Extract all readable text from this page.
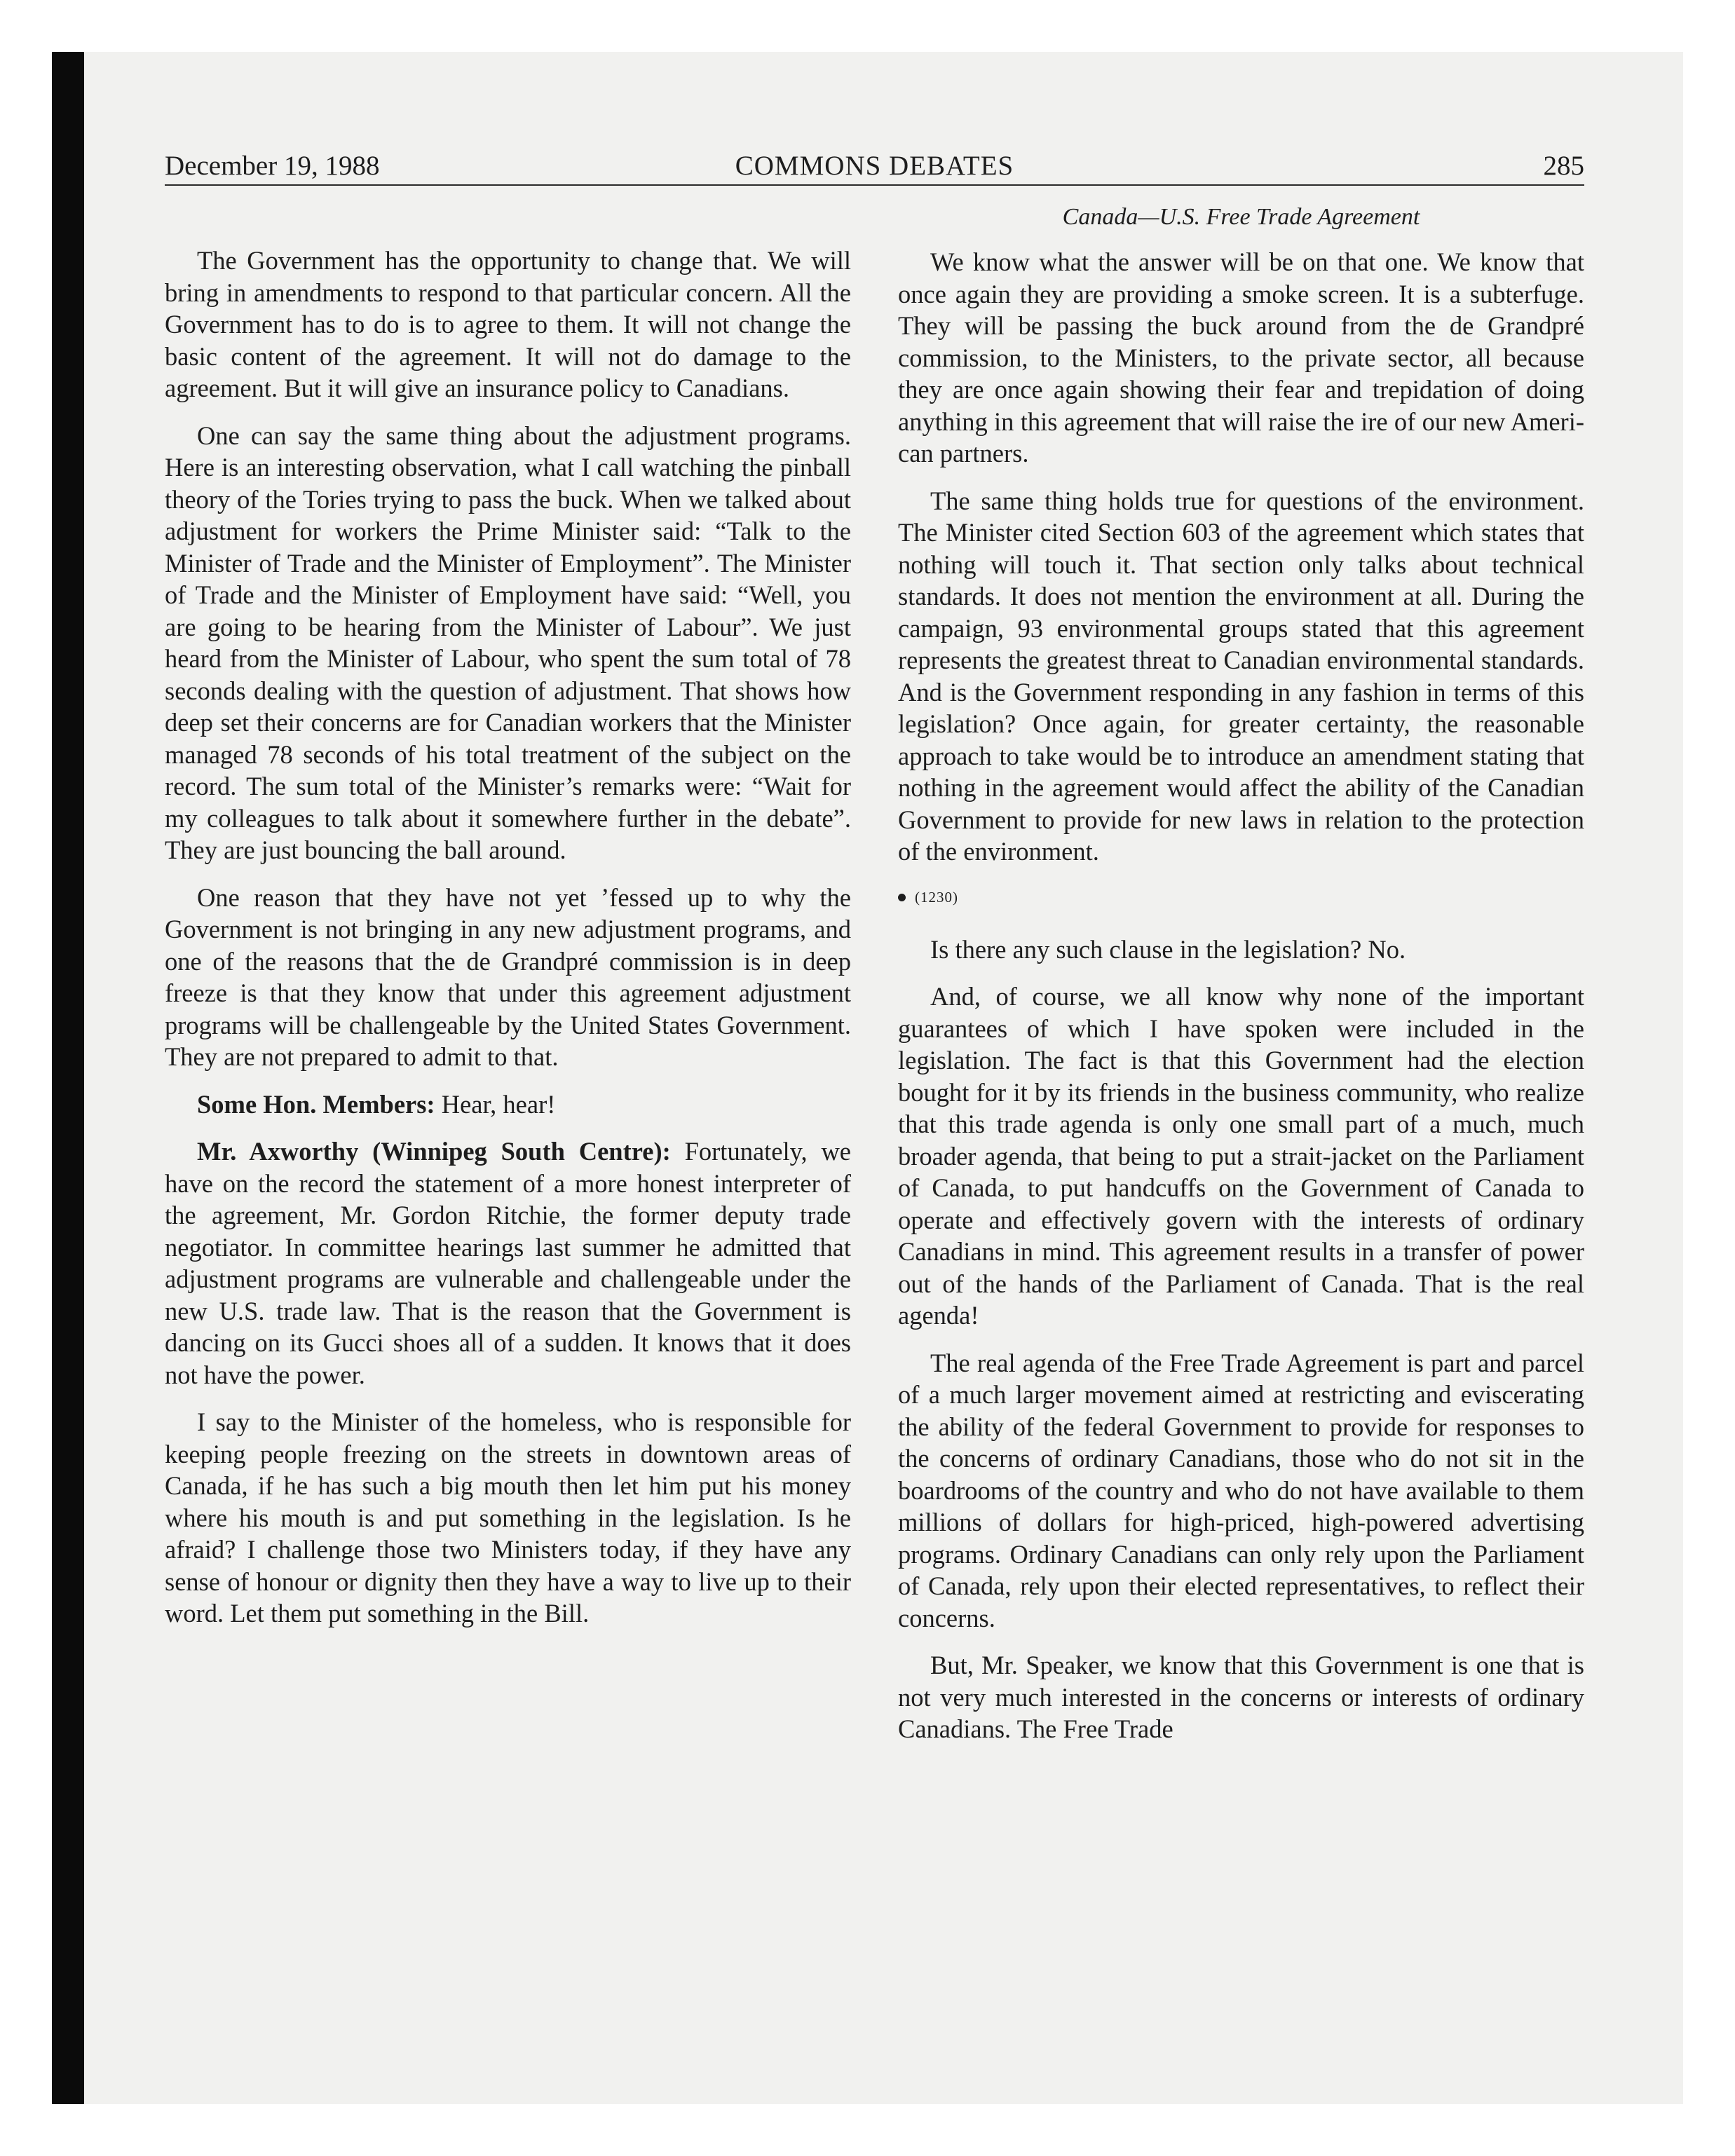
December 19, 1988	COMMONS DEBATES	285
Canada—U.S. Free Trade Agreement

The Government has the opportunity to change that. We will bring in amendments to respond to that particular concern. All the Government has to do is to agree to them. It will not change the basic content of the agreement. It will not do damage to the agreement. But it will give an insurance policy to Canadians.

One can say the same thing about the adjustment programs. Here is an interesting observation, what I call watching the pinball theory of the Tories trying to pass the buck. When we talked about adjustment for workers the Prime Minister said: “Talk to the Minister of Trade and the Minister of Employment”. The Minister of Trade and the Minister of Employment have said: “Well, you are going to be hearing from the Minister of Labour”. We just heard from the Minister of Labour, who spent the sum total of 78 seconds dealing with the question of adjustment. That shows how deep set their concerns are for Canadian workers that the Minister managed 78 seconds of his total treatment of the subject on the record. The sum total of the Minister’s remarks were: “Wait for my colleagues to talk about it somewhere further in the debate”. They are just bouncing the ball around.

One reason that they have not yet ’fessed up to why the Government is not bringing in any new adjustment programs, and one of the reasons that the de Grandpré commission is in deep freeze is that they know that under this agreement adjustment programs will be challengeable by the United States Government. They are not prepared to admit to that.

Some Hon. Members: Hear, hear!

Mr. Axworthy (Winnipeg South Centre): Fortunately, we have on the record the statement of a more honest interpreter of the agreement, Mr. Gordon Ritchie, the former deputy trade negotiator. In committee hearings last summer he admitted that adjustment programs are vulnerable and challengeable under the new U.S. trade law. That is the reason that the Government is dancing on its Gucci shoes all of a sudden. It knows that it does not have the power.

I say to the Minister of the homeless, who is responsible for keeping people freezing on the streets in downtown areas of Canada, if he has such a big mouth then let him put his money where his mouth is and put something in the legislation. Is he afraid? I challenge those two Ministers today, if they have any sense of honour or dignity then they have a way to live up to their word. Let them put something in the Bill.

We know what the answer will be on that one. We know that once again they are providing a smoke screen. It is a subterfuge. They will be passing the buck around from the de Grandpré commission, to the Ministers, to the private sector, all because they are once again showing their fear and trepidation of doing anything in this agreement that will raise the ire of our new American partners.

The same thing holds true for questions of the environment. The Minister cited Section 603 of the agreement which states that nothing will touch it. That section only talks about technical standards. It does not mention the environment at all. During the campaign, 93 environmental groups stated that this agreement represents the greatest threat to Canadian environmental standards. And is the Government responding in any fashion in terms of this legislation? Once again, for greater certainty, the reasonable approach to take would be to introduce an amendment stating that nothing in the agreement would affect the ability of the Canadian Government to provide for new laws in relation to the protection of the environment.

(1230)

Is there any such clause in the legislation? No.

And, of course, we all know why none of the important guarantees of which I have spoken were included in the legislation. The fact is that this Government had the election bought for it by its friends in the business community, who realize that this trade agenda is only one small part of a much, much broader agenda, that being to put a strait-jacket on the Parliament of Canada, to put handcuffs on the Government of Canada to operate and effectively govern with the interests of ordinary Canadians in mind. This agreement results in a transfer of power out of the hands of the Parliament of Canada. That is the real agenda!

The real agenda of the Free Trade Agreement is part and parcel of a much larger movement aimed at restricting and eviscerating the ability of the federal Government to provide for responses to the concerns of ordinary Canadians, those who do not sit in the boardrooms of the country and who do not have available to them millions of dollars for high-priced, high-powered advertising programs. Ordinary Canadians can only rely upon the Parliament of Canada, rely upon their elected representatives, to reflect their concerns.

But, Mr. Speaker, we know that this Government is one that is not very much interested in the concerns or interests of ordinary Canadians. The Free Trade
